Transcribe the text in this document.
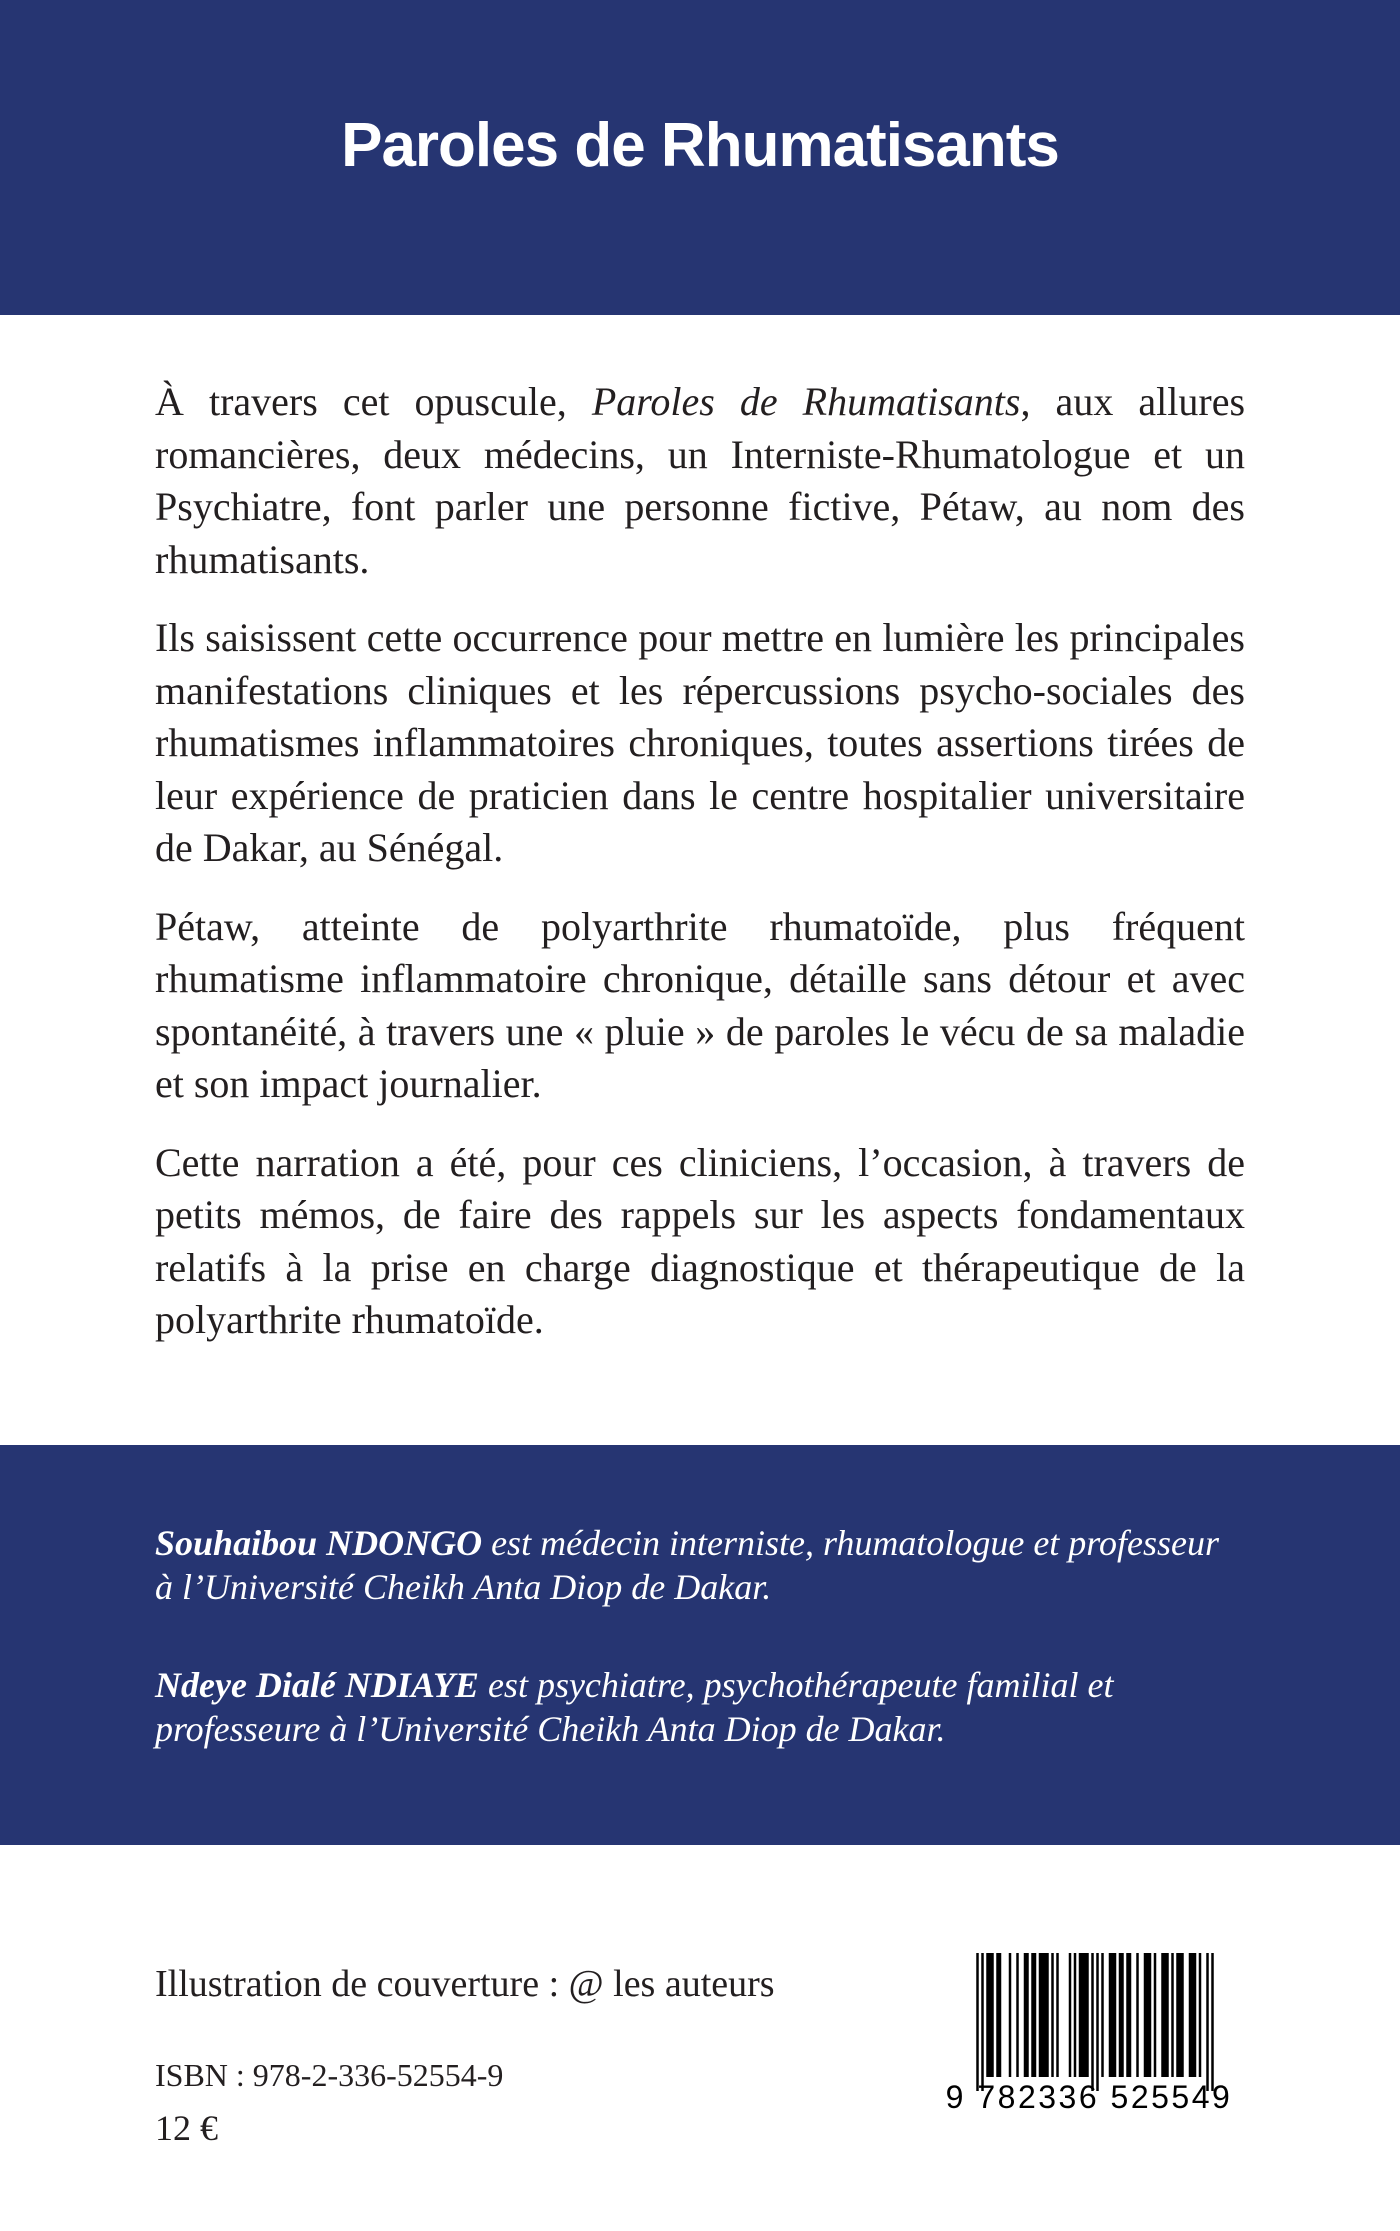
Paroles de Rhumatisants

À travers cet opuscule, Paroles de Rhumatisants, aux allures romancières, deux médecins, un Interniste-Rhumatologue et un Psychiatre, font parler une personne fictive, Pétaw, au nom des rhumatisants.

Ils saisissent cette occurrence pour mettre en lumière les principales manifestations cliniques et les répercussions psycho-sociales des rhumatismes inflammatoires chroniques, toutes assertions tirées de leur expérience de praticien dans le centre hospitalier universitaire de Dakar, au Sénégal.

Pétaw, atteinte de polyarthrite rhumatoïde, plus fréquent rhumatisme inflammatoire chronique, détaille sans détour et avec spontanéité, à travers une « pluie » de paroles le vécu de sa maladie et son impact journalier.

Cette narration a été, pour ces cliniciens, l’occasion, à travers de petits mémos, de faire des rappels sur les aspects fondamentaux relatifs à la prise en charge diagnostique et thérapeutique de la polyarthrite rhumatoïde.

Souhaibou NDONGO est médecin interniste, rhumatologue et professeur à l’Université Cheikh Anta Diop de Dakar.

Ndeye Dialé NDIAYE est psychiatre, psychothérapeute familial et professeure à l’Université Cheikh Anta Diop de Dakar.

Illustration de couverture : @ les auteurs

ISBN : 978-2-336-52554-9

12 €

9 782336 525549
